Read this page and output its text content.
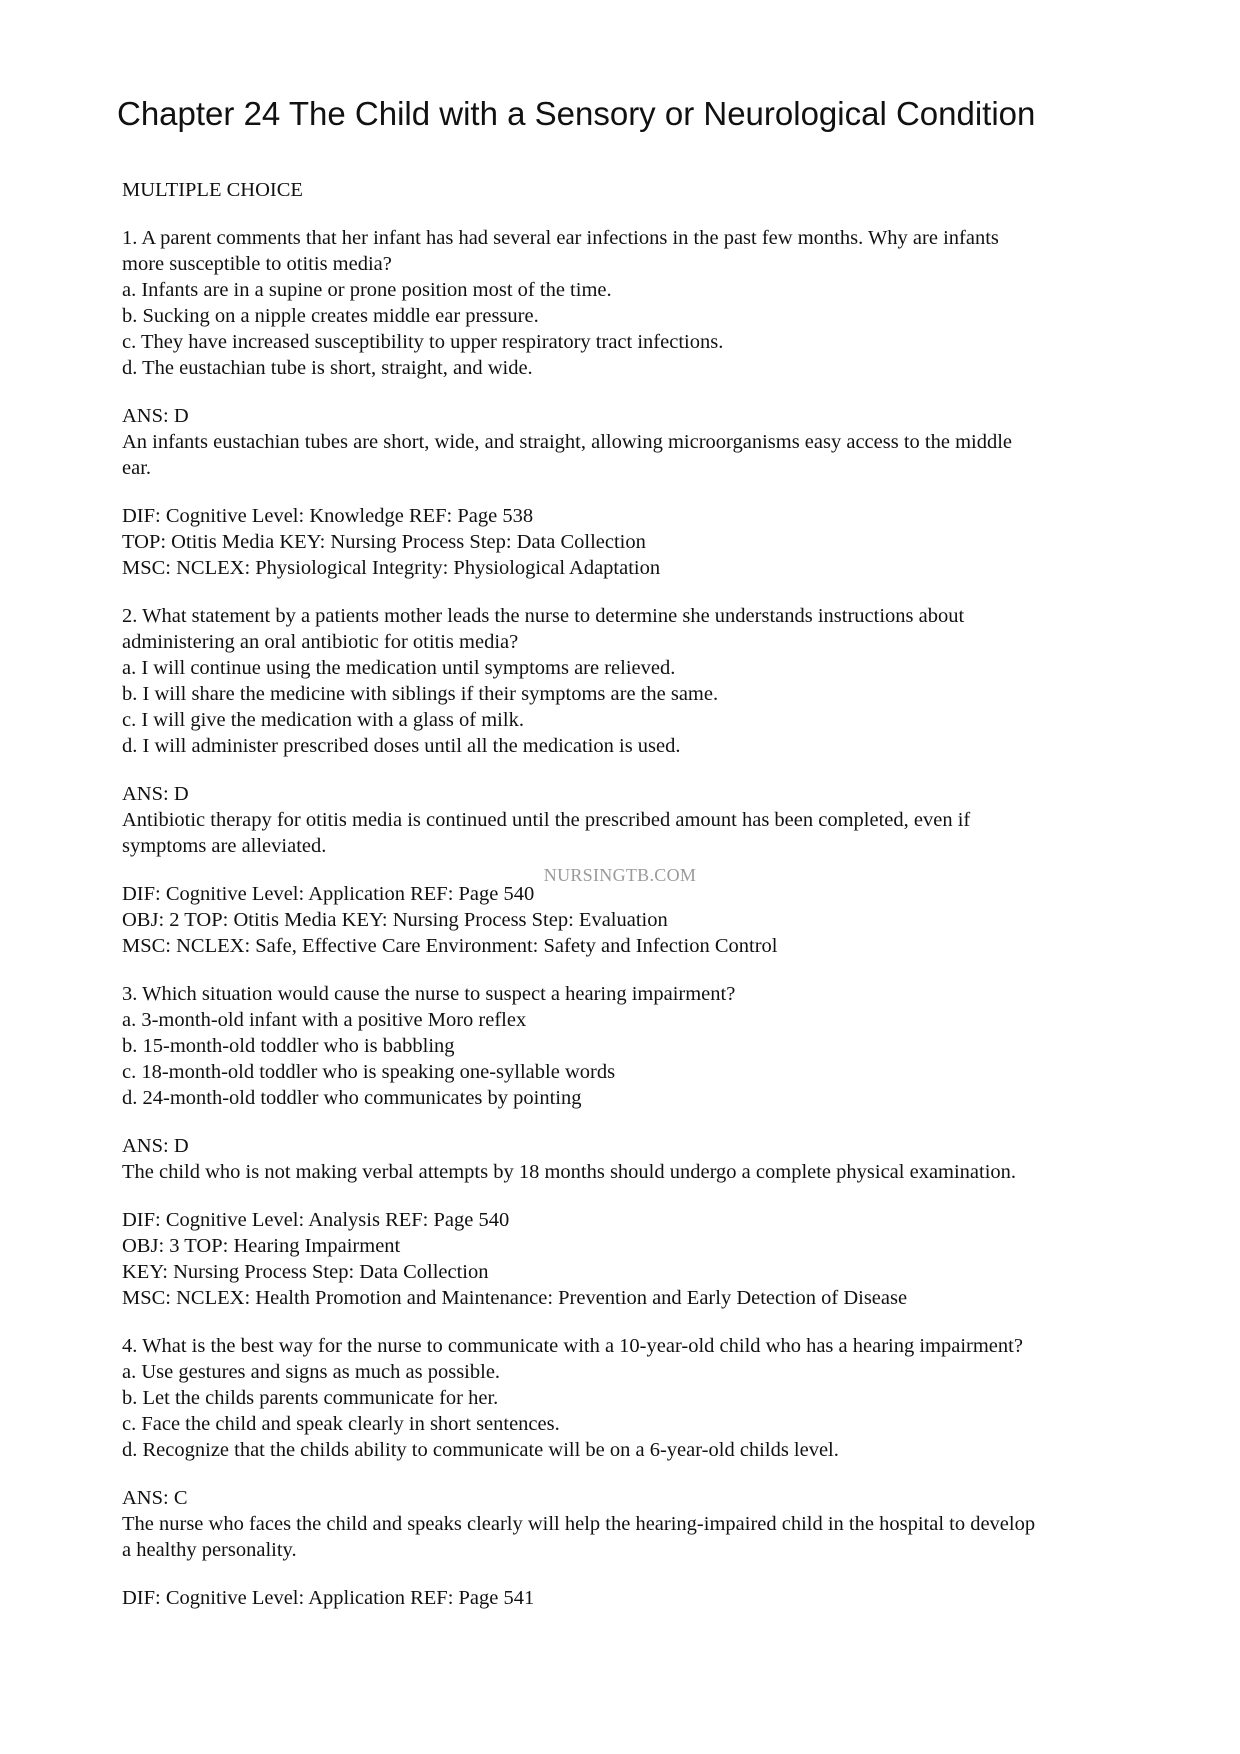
Chapter 24 The Child with a Sensory or Neurological Condition
MULTIPLE CHOICE
1. A parent comments that her infant has had several ear infections in the past few months. Why are infants
more susceptible to otitis media?
a. Infants are in a supine or prone position most of the time.
b. Sucking on a nipple creates middle ear pressure.
c. They have increased susceptibility to upper respiratory tract infections.
d. The eustachian tube is short, straight, and wide.
ANS: D
An infants eustachian tubes are short, wide, and straight, allowing microorganisms easy access to the middle
ear.
DIF: Cognitive Level: Knowledge REF: Page 538
TOP: Otitis Media KEY: Nursing Process Step: Data Collection
MSC: NCLEX: Physiological Integrity: Physiological Adaptation
2. What statement by a patients mother leads the nurse to determine she understands instructions about
administering an oral antibiotic for otitis media?
a. I will continue using the medication until symptoms are relieved.
b. I will share the medicine with siblings if their symptoms are the same.
c. I will give the medication with a glass of milk.
d. I will administer prescribed doses until all the medication is used.
ANS: D
Antibiotic therapy for otitis media is continued until the prescribed amount has been completed, even if
symptoms are alleviated.
DIF: Cognitive Level: Application REF: Page 540
OBJ: 2 TOP: Otitis Media KEY: Nursing Process Step: Evaluation
MSC: NCLEX: Safe, Effective Care Environment: Safety and Infection Control
3. Which situation would cause the nurse to suspect a hearing impairment?
a. 3-month-old infant with a positive Moro reflex
b. 15-month-old toddler who is babbling
c. 18-month-old toddler who is speaking one-syllable words
d. 24-month-old toddler who communicates by pointing
ANS: D
The child who is not making verbal attempts by 18 months should undergo a complete physical examination.
DIF: Cognitive Level: Analysis REF: Page 540
OBJ: 3 TOP: Hearing Impairment
KEY: Nursing Process Step: Data Collection
MSC: NCLEX: Health Promotion and Maintenance: Prevention and Early Detection of Disease
4. What is the best way for the nurse to communicate with a 10-year-old child who has a hearing impairment?
a. Use gestures and signs as much as possible.
b. Let the childs parents communicate for her.
c. Face the child and speak clearly in short sentences.
d. Recognize that the childs ability to communicate will be on a 6-year-old childs level.
ANS: C
The nurse who faces the child and speaks clearly will help the hearing-impaired child in the hospital to develop
a healthy personality.
DIF: Cognitive Level: Application REF: Page 541
NURSINGTB.COM
